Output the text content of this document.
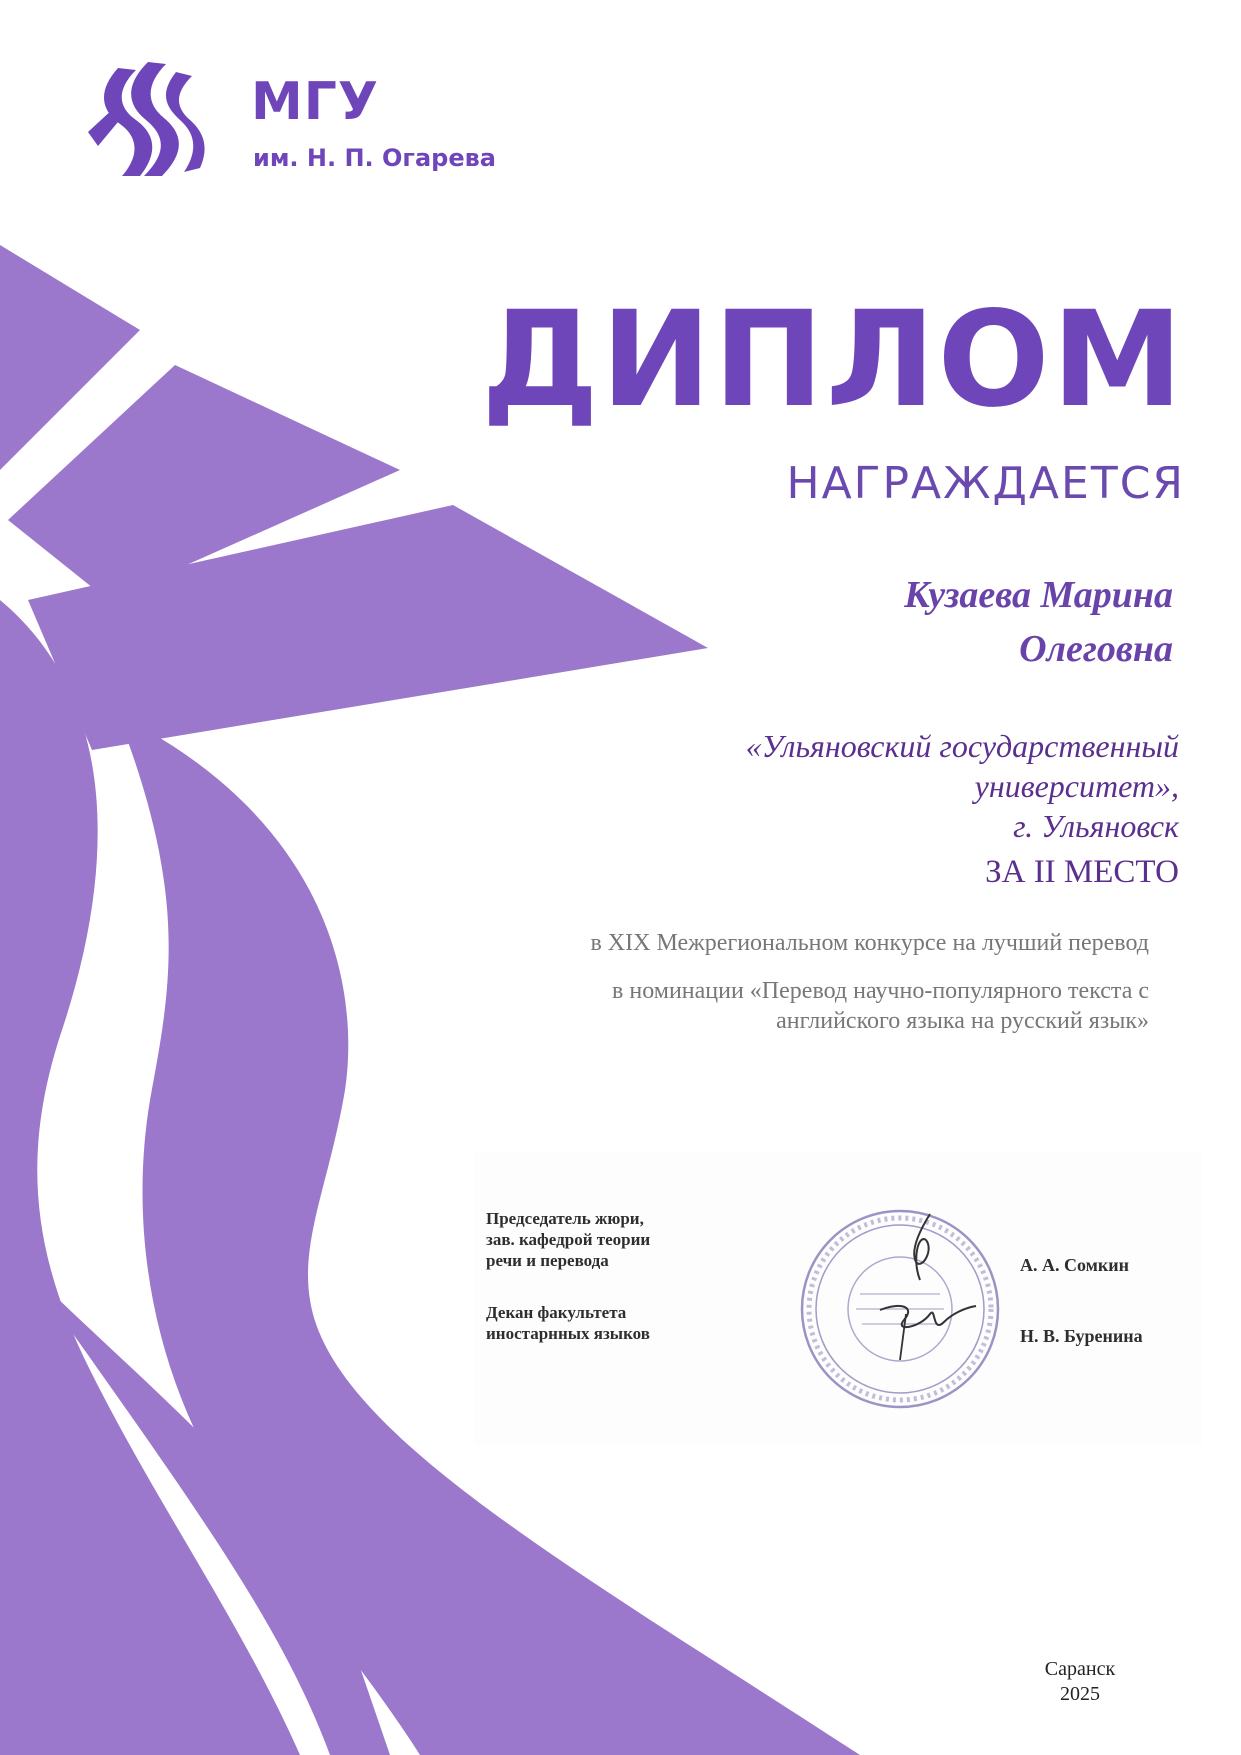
МГУ
им. Н. П. Огарева
ДИПЛОМ
НАГРАЖДАЕТСЯ
Кузаева Марина
Олеговна
«Ульяновский государственный
университет»,
г. Ульяновск
ЗА II МЕСТО
в XIX Межрегиональном конкурсе на лучший перевод
в номинации «Перевод научно-популярного текста с
английского языка на русский язык»
Председатель жюри,
зав. кафедрой теории
речи и перевода
Декан факультета
иностарнных языков
А. А. Сомкин
Н. В. Буренина
Саранск
2025
